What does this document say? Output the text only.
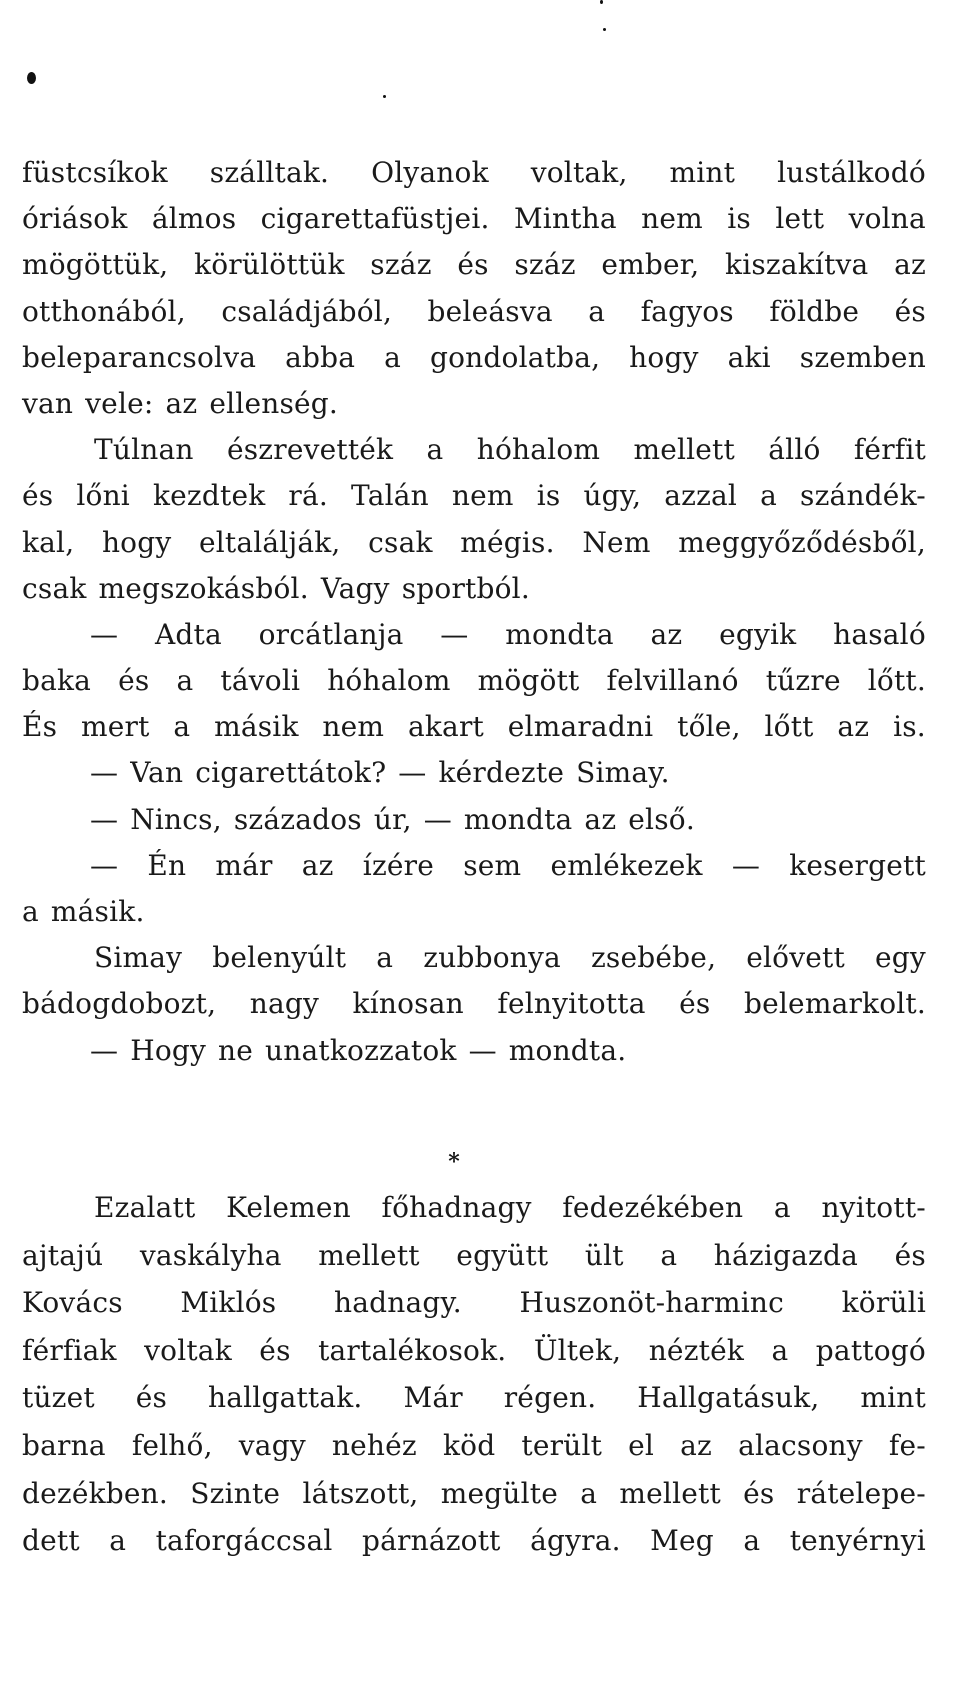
füstcsíkok szálltak. Olyanok voltak, mint lustálkodó
óriások álmos cigarettafüstjei. Mintha nem is lett volna
mögöttük, körülöttük száz és száz ember, kiszakítva az
otthonából, családjából, beleásva a fagyos földbe és
beleparancsolva abba a gondolatba, hogy aki szemben
van vele: az ellenség.
Túlnan észrevették a hóhalom mellett álló férfit
és lőni kezdtek rá. Talán nem is úgy, azzal a szándék-
kal, hogy eltalálják, csak mégis. Nem meggyőződésből,
csak megszokásból. Vagy sportból.
— Adta orcátlanja — mondta az egyik hasaló
baka és a távoli hóhalom mögött felvillanó tűzre lőtt.
És mert a másik nem akart elmaradni tőle, lőtt az is.
— Van cigarettátok? — kérdezte Simay.
— Nincs, százados úr, — mondta az első.
— Én már az ízére sem emlékezek — kesergett
a másik.
Simay belenyúlt a zubbonya zsebébe, elővett egy
bádogdobozt, nagy kínosan felnyitotta és belemarkolt.
— Hogy ne unatkozzatok — mondta.
*
Ezalatt Kelemen főhadnagy fedezékében a nyitott-
ajtajú vaskályha mellett együtt ült a házigazda és
Kovács Miklós hadnagy. Huszonöt-harminc körüli
férfiak voltak és tartalékosok. Ültek, nézték a pattogó
tüzet és hallgattak. Már régen. Hallgatásuk, mint
barna felhő, vagy nehéz köd terült el az alacsony fe-
dezékben. Szinte látszott, megülte a mellett és rátelepe-
dett a taforgáccsal párnázott ágyra. Meg a tenyérnyi
